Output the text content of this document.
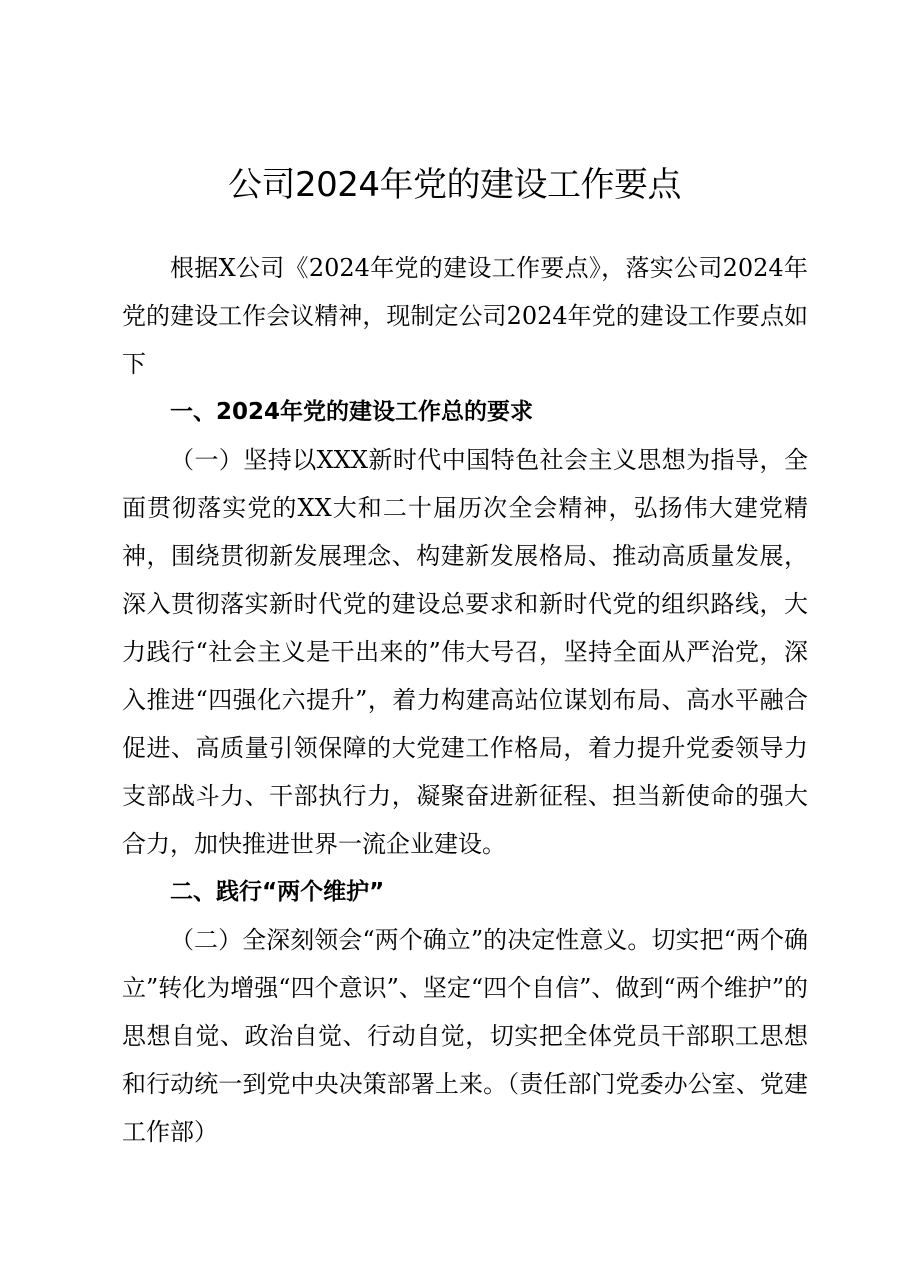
公司2024年党的建设工作要点

根据X公司《2024年党的建设工作要点》，落实公司2024年党的建设工作会议精神，现制定公司2024年党的建设工作要点如下

一、2024年党的建设工作总的要求

（一）坚持以XXX新时代中国特色社会主义思想为指导，全面贯彻落实党的XX大和二十届历次全会精神，弘扬伟大建党精神，围绕贯彻新发展理念、构建新发展格局、推动高质量发展，深入贯彻落实新时代党的建设总要求和新时代党的组织路线，大力践行“社会主义是干出来的”伟大号召，坚持全面从严治党，深入推进“四强化六提升”，着力构建高站位谋划布局、高水平融合促进、高质量引领保障的大党建工作格局，着力提升党委领导力支部战斗力、干部执行力，凝聚奋进新征程、担当新使命的强大合力，加快推进世界一流企业建设。

二、践行“两个维护”

（二）全深刻领会“两个确立”的决定性意义。切实把“两个确立”转化为增强“四个意识”、坚定“四个自信”、做到“两个维护”的思想自觉、政治自觉、行动自觉，切实把全体党员干部职工思想和行动统一到党中央决策部署上来。（责任部门党委办公室、党建工作部）
